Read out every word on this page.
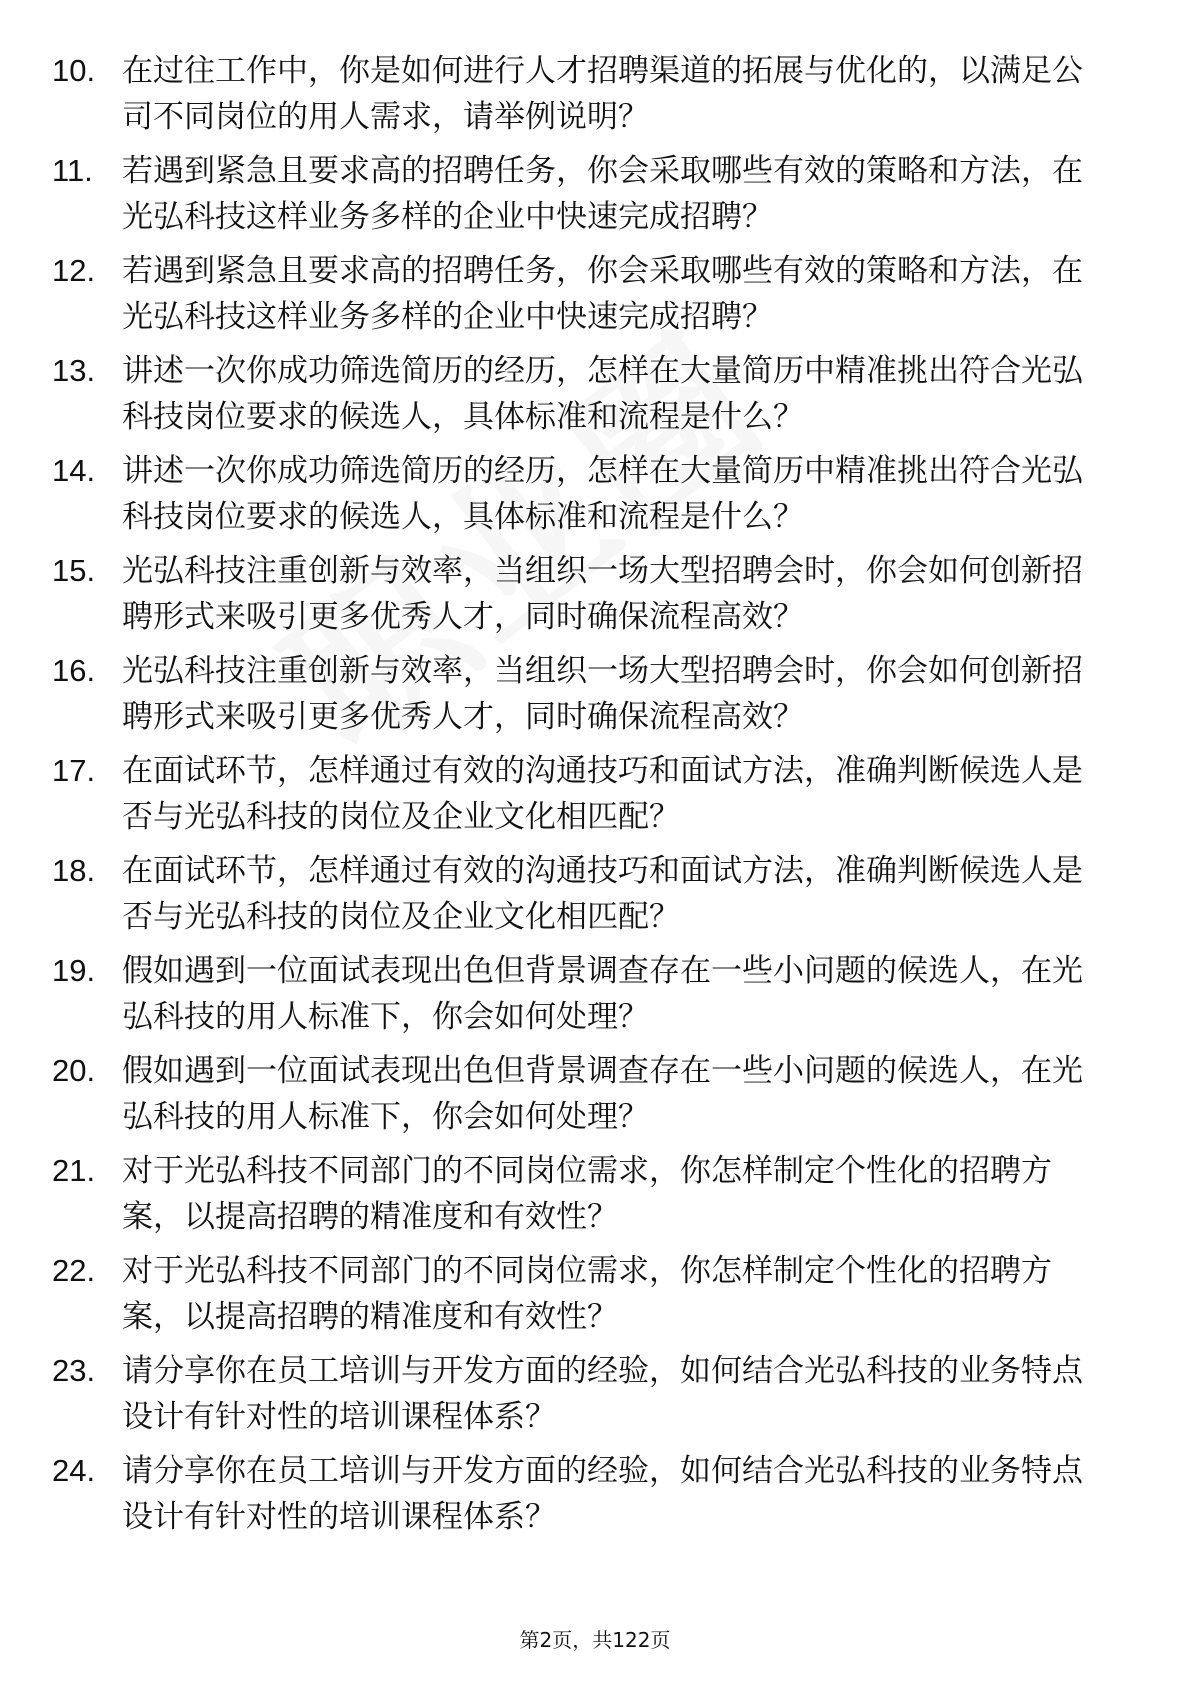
10. 在过往工作中，你是如何进行人才招聘渠道的拓展与优化的，以满足公司不同岗位的用人需求，请举例说明？
11. 若遇到紧急且要求高的招聘任务，你会采取哪些有效的策略和方法，在光弘科技这样业务多样的企业中快速完成招聘？
12. 若遇到紧急且要求高的招聘任务，你会采取哪些有效的策略和方法，在光弘科技这样业务多样的企业中快速完成招聘？
13. 讲述一次你成功筛选简历的经历，怎样在大量简历中精准挑出符合光弘科技岗位要求的候选人，具体标准和流程是什么？
14. 讲述一次你成功筛选简历的经历，怎样在大量简历中精准挑出符合光弘科技岗位要求的候选人，具体标准和流程是什么？
15. 光弘科技注重创新与效率，当组织一场大型招聘会时，你会如何创新招聘形式来吸引更多优秀人才，同时确保流程高效？
16. 光弘科技注重创新与效率，当组织一场大型招聘会时，你会如何创新招聘形式来吸引更多优秀人才，同时确保流程高效？
17. 在面试环节，怎样通过有效的沟通技巧和面试方法，准确判断候选人是否与光弘科技的岗位及企业文化相匹配？
18. 在面试环节，怎样通过有效的沟通技巧和面试方法，准确判断候选人是否与光弘科技的岗位及企业文化相匹配？
19. 假如遇到一位面试表现出色但背景调查存在一些小问题的候选人，在光弘科技的用人标准下，你会如何处理？
20. 假如遇到一位面试表现出色但背景调查存在一些小问题的候选人，在光弘科技的用人标准下，你会如何处理？
21. 对于光弘科技不同部门的不同岗位需求，你怎样制定个性化的招聘方案，以提高招聘的精准度和有效性？
22. 对于光弘科技不同部门的不同岗位需求，你怎样制定个性化的招聘方案，以提高招聘的精准度和有效性？
23. 请分享你在员工培训与开发方面的经验，如何结合光弘科技的业务特点设计有针对性的培训课程体系？
24. 请分享你在员工培训与开发方面的经验，如何结合光弘科技的业务特点设计有针对性的培训课程体系？
第2页，共122页
